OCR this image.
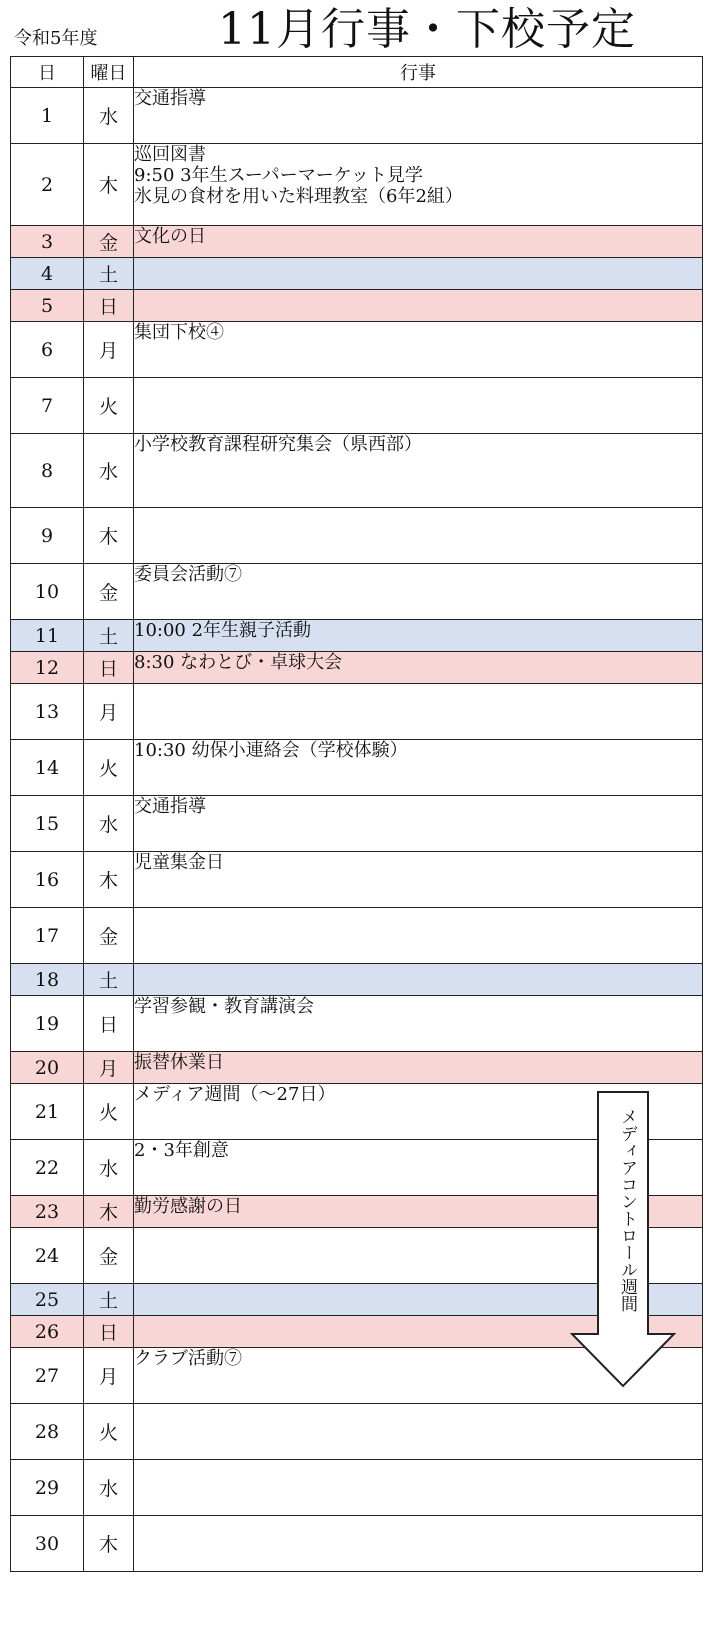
令和5年度	11月行事・下校予定
日	曜日	行事
1	水	交通指導
2	木	巡回図書
9:50 3年生スーパーマーケット見学
氷見の食材を用いた料理教室（6年2組）
3	金	文化の日
4	土	
5	日	
6	月	集団下校④
7	火	
8	水	小学校教育課程研究集会（県西部）
9	木	
10	金	委員会活動⑦
11	土	10:00 2年生親子活動
12	日	8:30 なわとび・卓球大会
13	月	
14	火	10:30 幼保小連絡会（学校体験）
15	水	交通指導
16	木	児童集金日
17	金	
18	土	
19	日	学習参観・教育講演会
20	月	振替休業日
21	火	メディア週間（～27日）
22	水	2・3年創意
23	木	勤労感謝の日
24	金	
25	土	
26	日	
27	月	クラブ活動⑦
28	火	
29	水	
30	木	
メディアコントロール週間
